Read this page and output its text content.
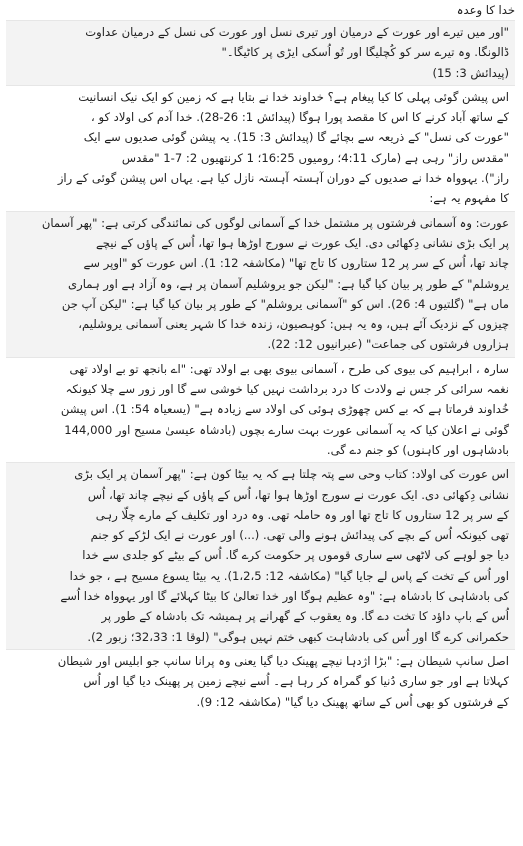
خدا کا وعدہ
"اور میں تیرے اور عورت کے درمیان اور تیری نسل اور عورت کی نسل کے درمیان عداوت
ڈالونگا. وہ تیرے سر کو کُچلیگا اور تُو اُسکی ایڑی پر کاٹیگا۔"
(پیدائش 3: 15)
اس پیشن گوئی پہلی کا کیا پیغام ہے؟ خداوند خدا نے بتایا ہے کہ زمین کو ایک نیک انسانیت
کے ساتھ آباد کرنے کا اس کا مقصد پورا ہوگا (پیدائش 1: 26-28). خدا آدم کی اولاد کو ،
"عورت کی نسل" کے ذریعہ سے بچائے گا (پیدائش 3: 15). یہ پیشن گوئی صدیوں سے ایک
"مقدس راز" رہی ہے (مارک 4:11؛ رومیوں 16:25؛ 1 کرنتھیوں 2: 7-1 "مقدس
راز"). یہوواہ خدا نے صدیوں کے دوران آہستہ آہستہ نازل کیا ہے. یہاں اس پیشن گوئی کے راز
کا مفہوم یہ ہے:
عورت: وہ آسمانی فرشتوں پر مشتمل خدا کے آسمانی لوگوں کی نمائندگی کرتی ہے: "پھر آسمان
پر ایک بڑی نشانی دِکھائی دی. ایک عورت نے سورج اوڑھا ہوا تھا، اُس کے پاؤں کے نیچے
چاند تھا، اُس کے سر پر 12 ستاروں کا تاج تھا" (مکاشفہ 12: 1). اس عورت کو "اوپر سے
یروشلم" کے طور پر بیان کیا گیا ہے: "لیکن جو یروشلیم آسمان پر ہے، وہ آزاد ہے اور ہماری
ماں ہے" (گلتیوں 4: 26). اس کو "آسمانی یروشلم" کے طور پر بیان کیا گیا ہے: "لیکن آپ جن
چیزوں کے نزدیک آئے ہیں، وہ یہ ہیں: کوہصیون، زندہ خدا کا شہر یعنی آسمانی یروشلیم،
ہزاروں فرشتوں کی جماعت" (عبرانیوں 12: 22).
سارہ ، ابراہیم کی بیوی کی طرح ، آسمانی بیوی بھی بے اولاد تھی: "اے بانجھ تو بے اولاد تھی
نغمہ سرائی کر جس نے ولادت کا درد برداشت نہیں کیا خوشی سے گا اور زور سے چلا کیونکہ
خُداوند فرماتا ہے کہ بے کس چھوڑی ہوئی کی اولاد سے زیادہ ہے" (یسعیاہ 54: 1). اس پیشن
گوئی نے اعلان کیا کہ یہ آسمانی عورت بہت سارے بچوں (بادشاہ عیسیٰ مسیح اور 144,000
بادشاہوں اور کاہنوں) کو جنم دے گی.
اس عورت کی اولاد: کتاب وحی سے پتہ چلتا ہے کہ یہ بیٹا کون ہے: "پھر آسمان پر ایک بڑی
نشانی دِکھائی دی. ایک عورت نے سورج اوڑھا ہوا تھا، اُس کے پاؤں کے نیچے چاند تھا، اُس
کے سر پر 12 ستاروں کا تاج تھا اور وہ حاملہ تھی. وہ درد اور تکلیف کے مارے چلّا رہی
تھی کیونکہ اُس کے بچے کی پیدائش ہونے والی تھی. (...) اور عورت نے ایک لڑکے کو جنم
دیا جو لوہے کی لاٹھی سے ساری قوموں پر حکومت کرے گا. اُس کے بیٹے کو جلدی سے خدا
اور اُس کے تخت کے پاس لے جایا گیا" (مکاشفہ 12: 1،2،5). یہ بیٹا یسوع مسیح ہے ، جو خدا
کی بادشاہی کا بادشاہ ہے: "وہ عظیم ہوگا اور خدا تعالیٰ کا بیٹا کہلائے گا اور یہوواہ خدا اُسے
اُس کے باپ داؤد کا تخت دے گا. وہ یعقوب کے گھرانے پر ہمیشہ تک بادشاہ کے طور پر
حکمرانی کرے گا اور اُس کی بادشاہت کبھی ختم نہیں ہوگی" (لوقا 1: 32،33؛ زبور 2).
اصل سانپ شیطان ہے: "بڑا اژدہا نیچے پھینک دیا گیا یعنی وہ پرانا سانپ جو ابلیس اور شیطان
کہلاتا ہے اور جو ساری دُنیا کو گمراہ کر رہا ہے۔ اُسے نیچے زمین پر پھینک دیا گیا اور اُس
کے فرشتوں کو بھی اُس کے ساتھ پھینک دیا گیا" (مکاشفہ 12: 9).
